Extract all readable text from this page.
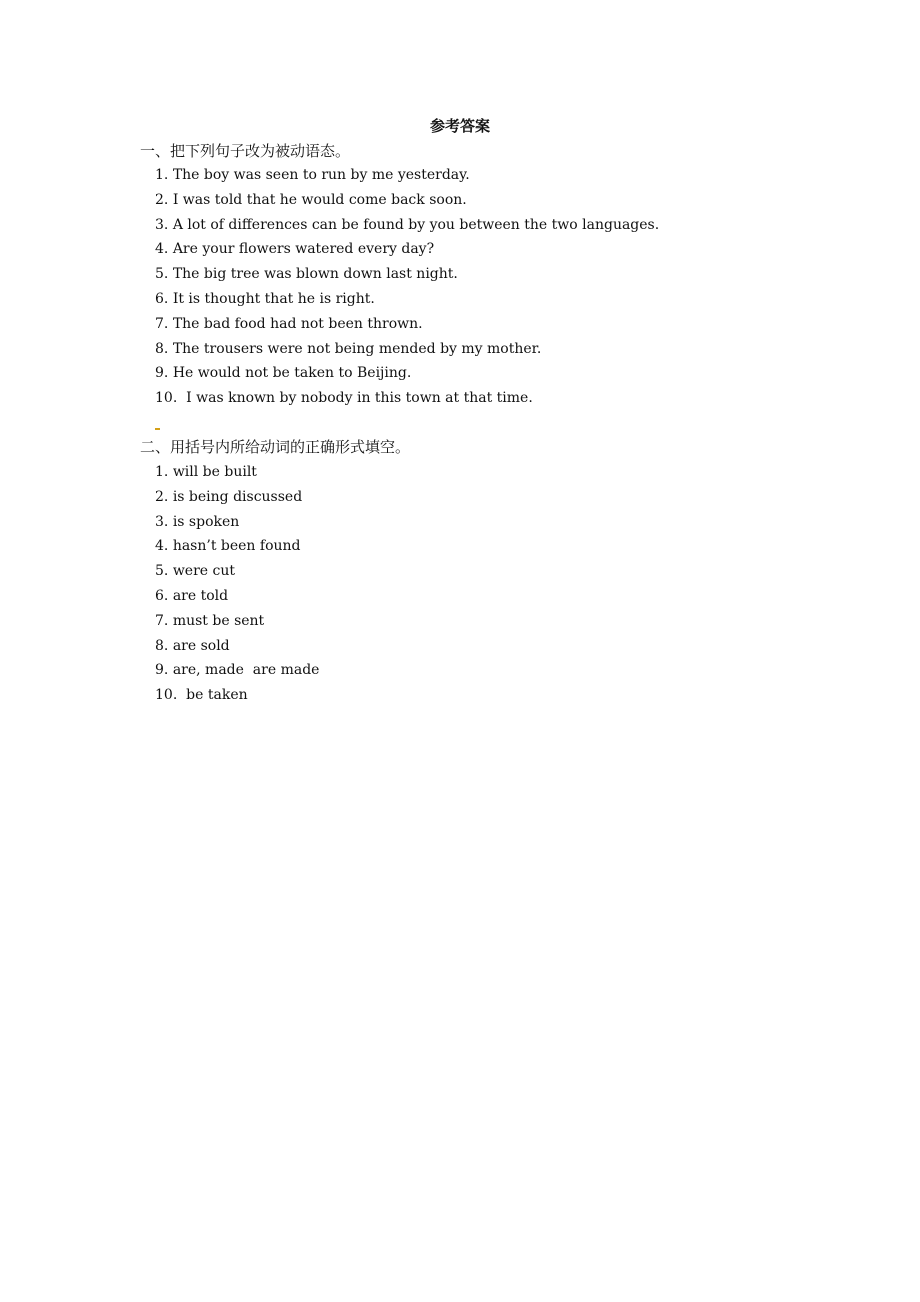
参考答案
一、把下列句子改为被动语态。
1. The boy was seen to run by me yesterday.
2. I was told that he would come back soon.
3. A lot of differences can be found by you between the two languages.
4. Are your flowers watered every day?
5. The big tree was blown down last night.
6. It is thought that he is right.
7. The bad food had not been thrown.
8. The trousers were not being mended by my mother.
9. He would not be taken to Beijing.
10.  I was known by nobody in this town at that time.
二、用括号内所给动词的正确形式填空。
1. will be built
2. is being discussed
3. is spoken
4. hasn’t been found
5. were cut
6. are told
7. must be sent
8. are sold
9. are, made  are made
10.  be taken
